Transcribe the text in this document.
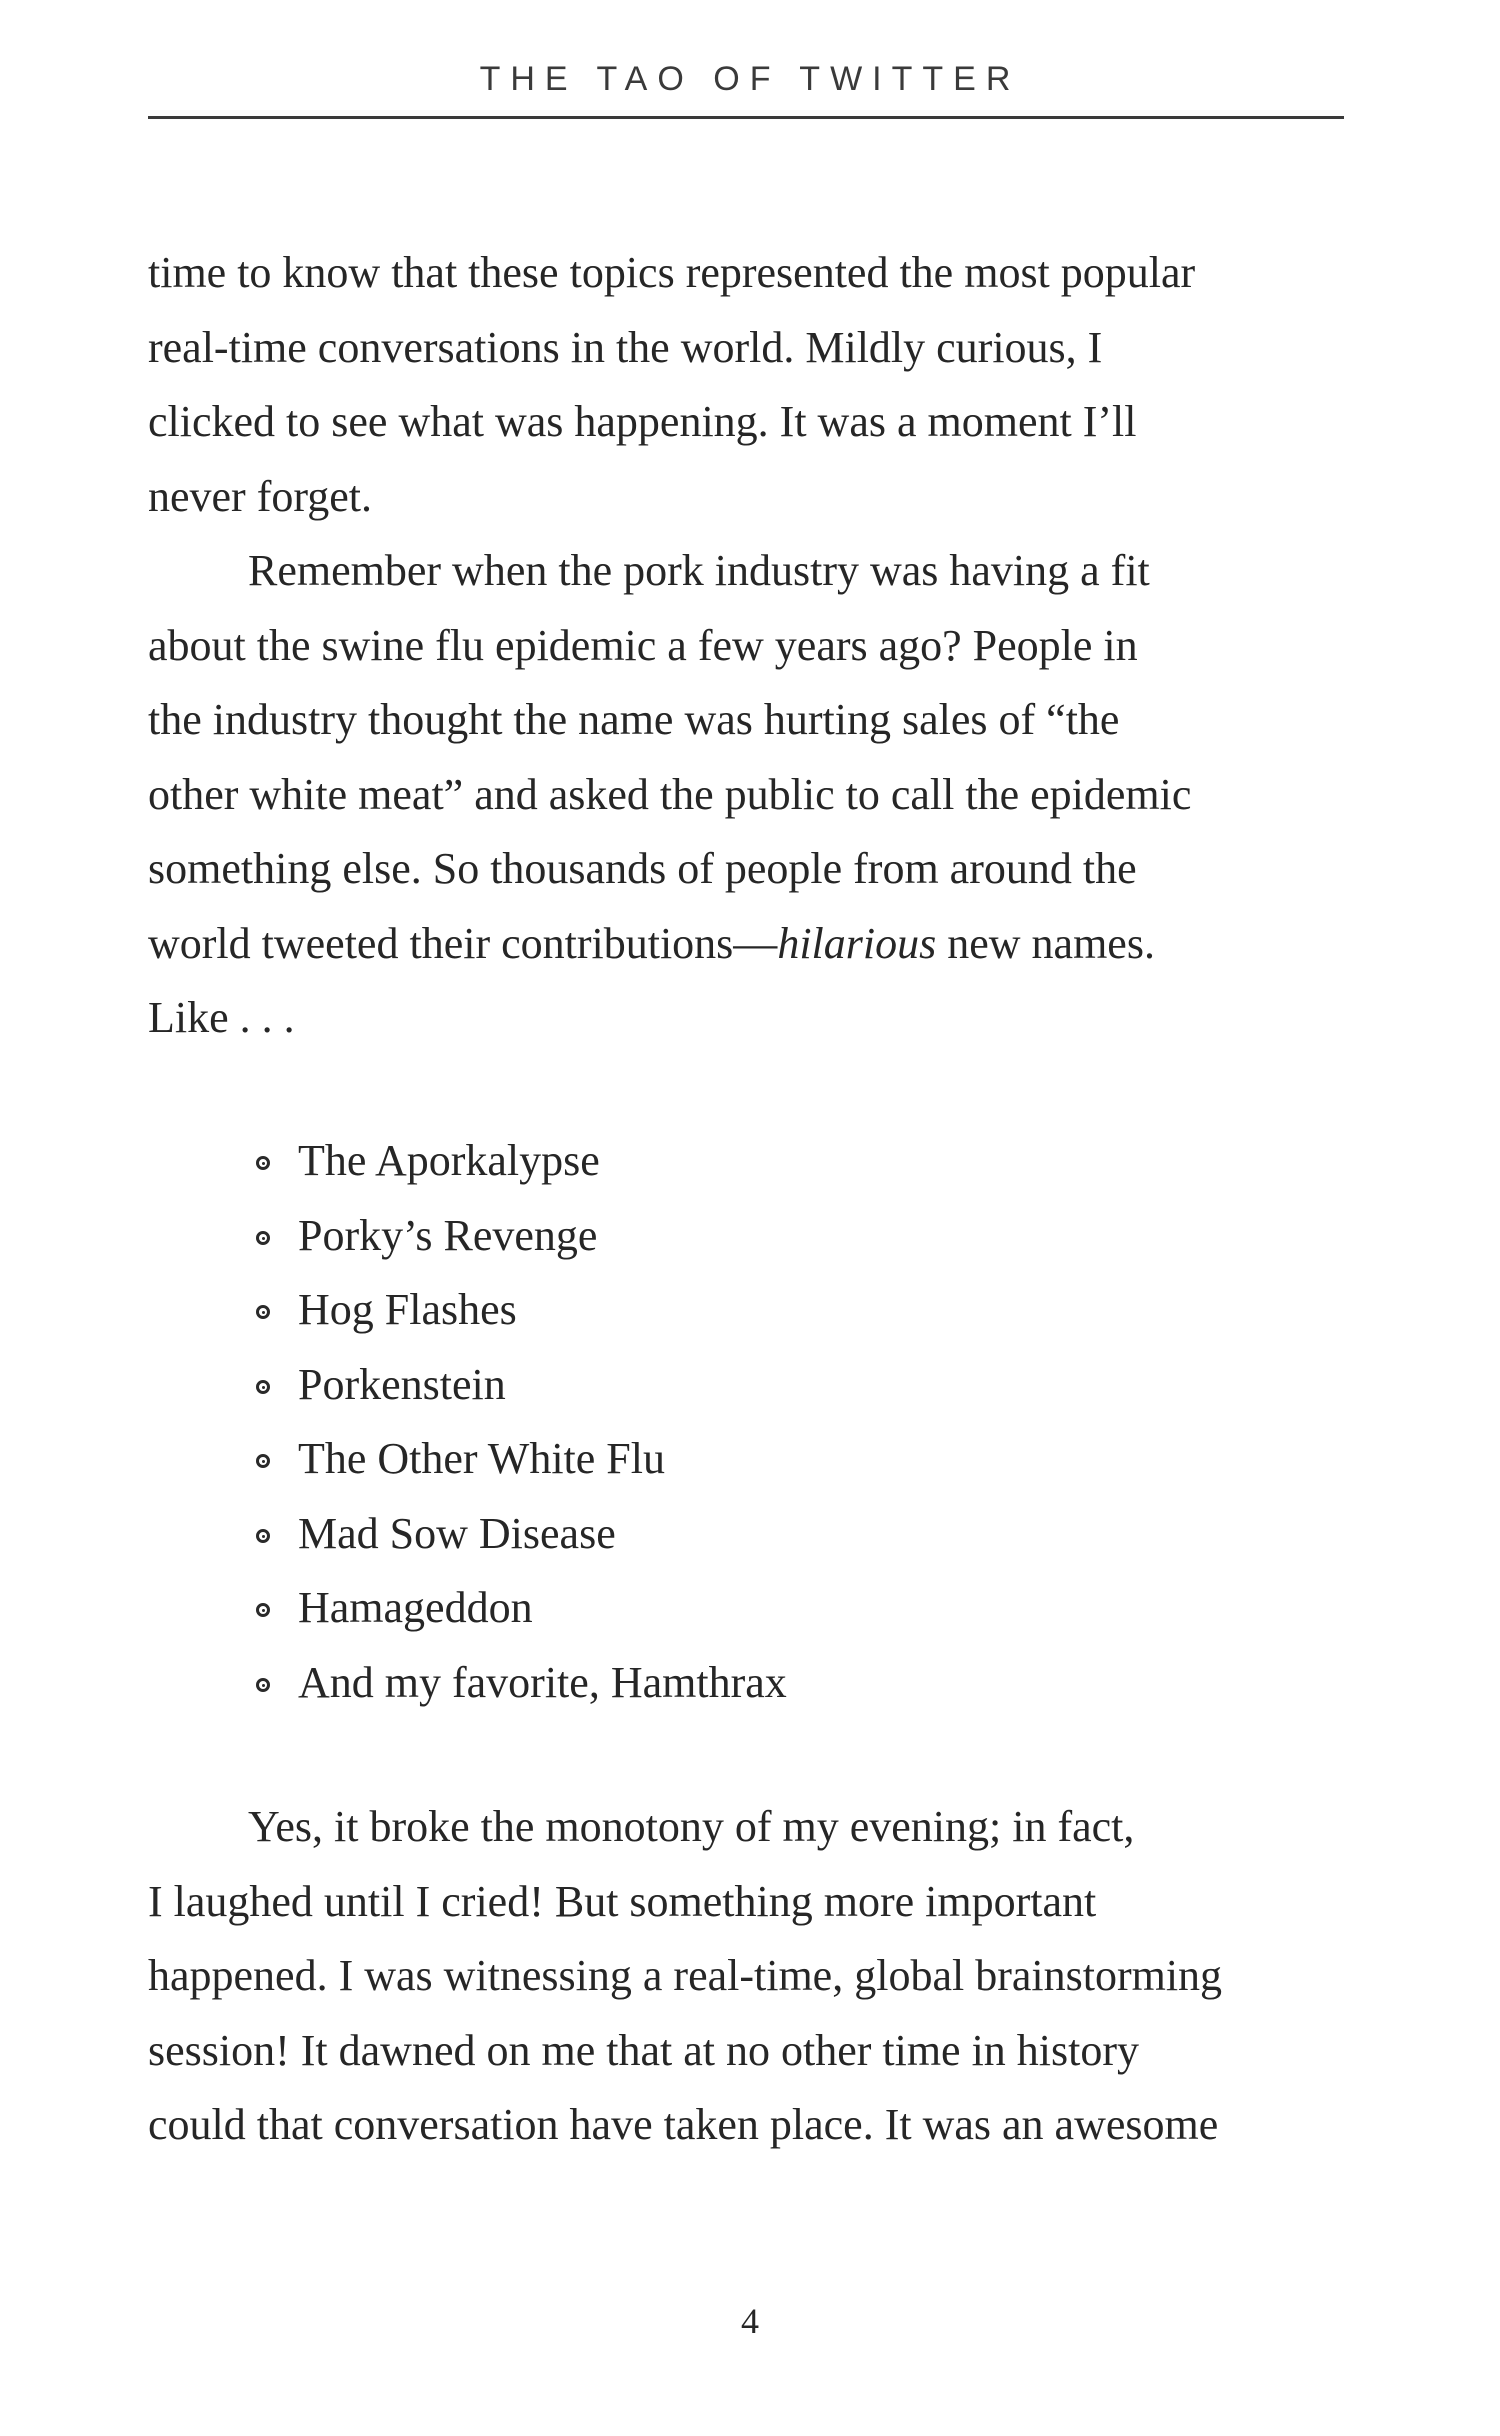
THE TAO OF TWITTER

time to know that these topics represented the most popular
real-time conversations in the world. Mildly curious, I
clicked to see what was happening. It was a moment I’ll
never forget.

Remember when the pork industry was having a fit
about the swine flu epidemic a few years ago? People in
the industry thought the name was hurting sales of “the
other white meat” and asked the public to call the epidemic
something else. So thousands of people from around the
world tweeted their contributions—hilarious new names.
Like . . .

The Aporkalypse
Porky’s Revenge
Hog Flashes
Porkenstein
The Other White Flu
Mad Sow Disease
Hamageddon
And my favorite, Hamthrax

Yes, it broke the monotony of my evening; in fact,
I laughed until I cried! But something more important
happened. I was witnessing a real-time, global brainstorming
session! It dawned on me that at no other time in history
could that conversation have taken place. It was an awesome

4
